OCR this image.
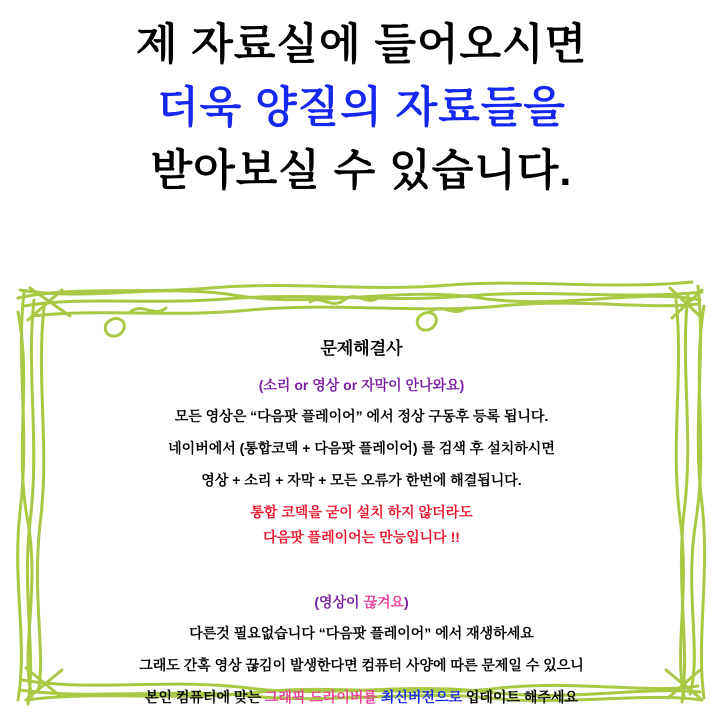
제 자료실에 들어오시면

더욱 양질의 자료들을

받아보실 수 있습니다.

문제해결사

(소리 or 영상 or 자막이 안나와요)

모든 영상은 “다음팟 플레이어” 에서 정상 구동후 등록 됩니다.

네이버에서 (통합코덱 + 다음팟 플레이어) 를 검색 후 설치하시면

영상 + 소리 + 자막 + 모든 오류가 한번에 해결됩니다.

통합 코덱을 굳이 설치 하지 않더라도

다음팟 플레이어는 만능입니다 !!

(영상이 끊겨요)

다른것 필요없습니다 “다음팟 플레이어” 에서 재생하세요

그래도 간혹 영상 끊김이 발생한다면 컴퓨터 사양에 따른 문제일 수 있으니

본인 컴퓨터에 맞는 그래픽 드라이버를 최신버전으로 업데이트 해주세요
